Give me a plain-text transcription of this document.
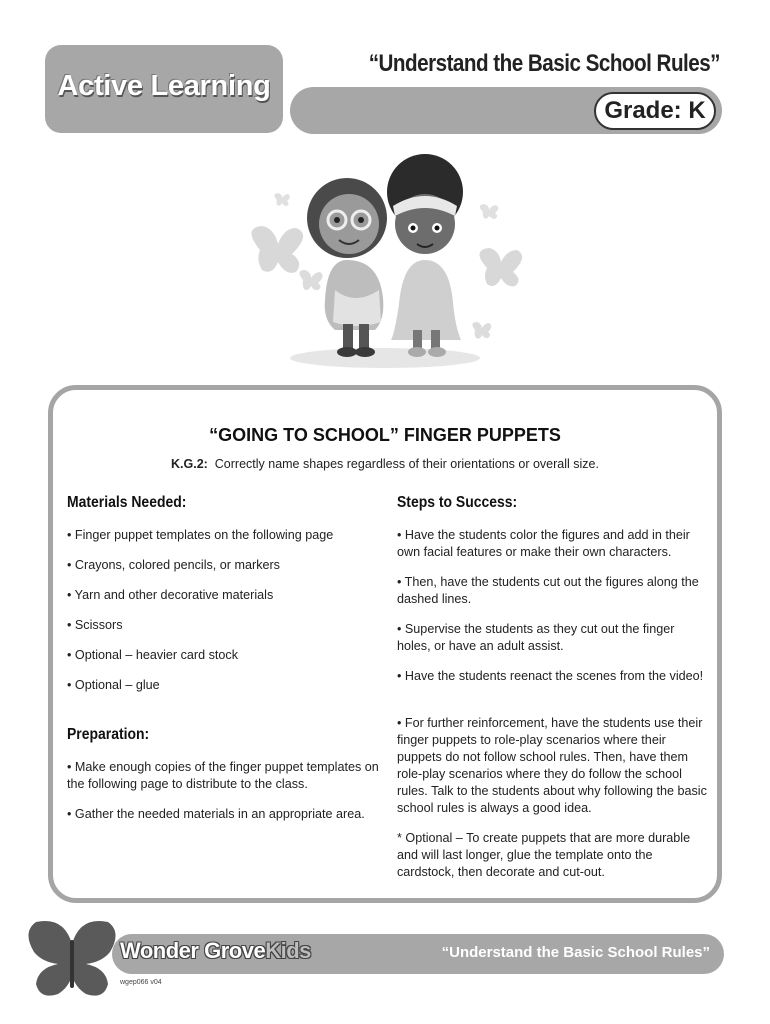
Active Learning
“Understand the Basic School Rules”
Grade: K
“GOING TO SCHOOL” FINGER PUPPETS
K.G.2: Correctly name shapes regardless of their orientations or overall size.
Materials Needed:
• Finger puppet templates on the following page
• Crayons, colored pencils, or markers
• Yarn and other decorative materials
• Scissors
• Optional – heavier card stock
• Optional – glue
Preparation:
• Make enough copies of the finger puppet templates on the following page to distribute to the class.
• Gather the needed materials in an appropriate area.
Steps to Success:
• Have the students color the figures and add in their own facial features or make their own characters.
• Then, have the students cut out the figures along the dashed lines.
• Supervise the students as they cut out the finger holes, or have an adult assist.
• Have the students reenact the scenes from the video!
• For further reinforcement, have the students use their finger puppets to role-play scenarios where their puppets do not follow school rules. Then, have them role-play scenarios where they do follow the school rules. Talk to the students about why following the basic school rules is always a good idea.
* Optional – To create puppets that are more durable and will last longer, glue the template onto the cardstock, then decorate and cut-out.
Wonder GroveKids	“Understand the Basic School Rules”
wgep066 v04
